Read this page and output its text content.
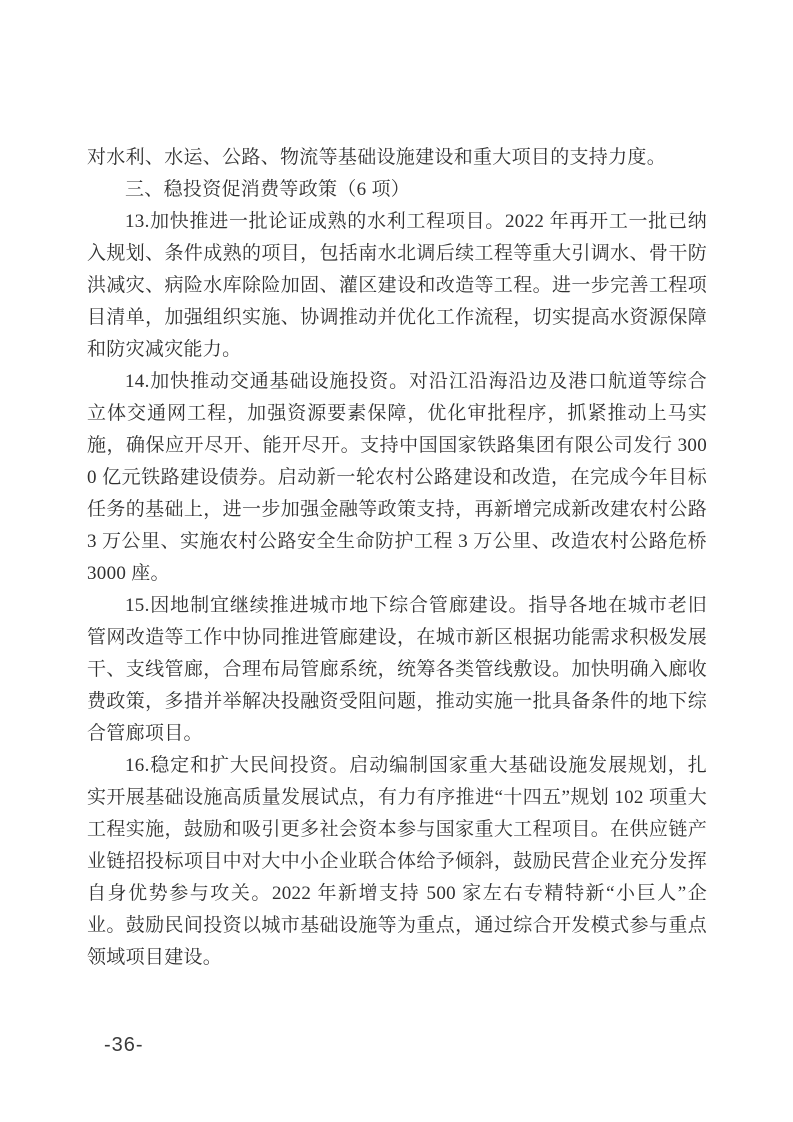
对水利、水运、公路、物流等基础设施建设和重大项目的支持力度。

三、稳投资促消费等政策（6 项）

13.加快推进一批论证成熟的水利工程项目。2022 年再开工一批已纳入规划、条件成熟的项目，包括南水北调后续工程等重大引调水、骨干防洪减灾、病险水库除险加固、灌区建设和改造等工程。进一步完善工程项目清单，加强组织实施、协调推动并优化工作流程，切实提高水资源保障和防灾减灾能力。

14.加快推动交通基础设施投资。对沿江沿海沿边及港口航道等综合立体交通网工程，加强资源要素保障，优化审批程序，抓紧推动上马实施，确保应开尽开、能开尽开。支持中国国家铁路集团有限公司发行 3000 亿元铁路建设债券。启动新一轮农村公路建设和改造，在完成今年目标任务的基础上，进一步加强金融等政策支持，再新增完成新改建农村公路 3 万公里、实施农村公路安全生命防护工程 3 万公里、改造农村公路危桥 3000 座。

15.因地制宜继续推进城市地下综合管廊建设。指导各地在城市老旧管网改造等工作中协同推进管廊建设，在城市新区根据功能需求积极发展干、支线管廊，合理布局管廊系统，统筹各类管线敷设。加快明确入廊收费政策，多措并举解决投融资受阻问题，推动实施一批具备条件的地下综合管廊项目。

16.稳定和扩大民间投资。启动编制国家重大基础设施发展规划，扎实开展基础设施高质量发展试点，有力有序推进“十四五”规划 102 项重大工程实施，鼓励和吸引更多社会资本参与国家重大工程项目。在供应链产业链招投标项目中对大中小企业联合体给予倾斜，鼓励民营企业充分发挥自身优势参与攻关。2022 年新增支持 500 家左右专精特新“小巨人”企业。鼓励民间投资以城市基础设施等为重点，通过综合开发模式参与重点领域项目建设。

-36-
